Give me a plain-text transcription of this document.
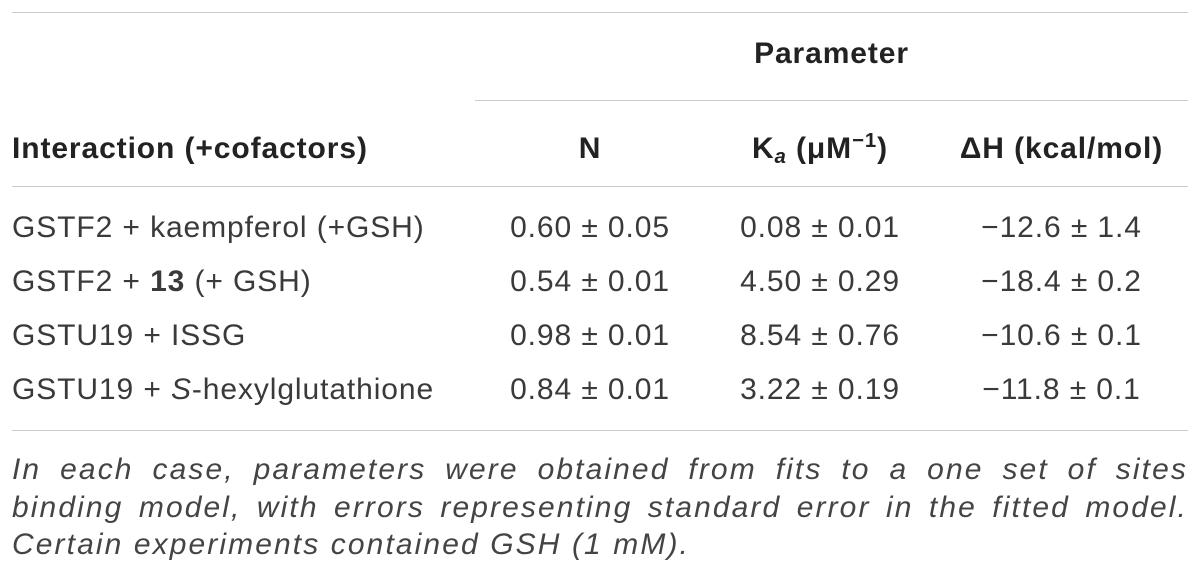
Parameter
Interaction (+cofactors)	N	$K_a$ $(\mu M^{-1})$	ΔH (kcal/mol)
GSTF2 + kaempferol (+GSH)	0.60 ± 0.05	0.08 ± 0.01	−12.6 ± 1.4
GSTF2 + 13 (+ GSH)	0.54 ± 0.01	4.50 ± 0.29	−18.4 ± 0.2
GSTU19 + ISSG	0.98 ± 0.01	8.54 ± 0.76	−10.6 ± 0.1
GSTU19 + S-hexylglutathione	0.84 ± 0.01	3.22 ± 0.19	−11.8 ± 0.1
In each case, parameters were obtained from fits to a one set of sites binding model, with errors representing standard error in the fitted model. Certain experiments contained GSH (1 mM).
